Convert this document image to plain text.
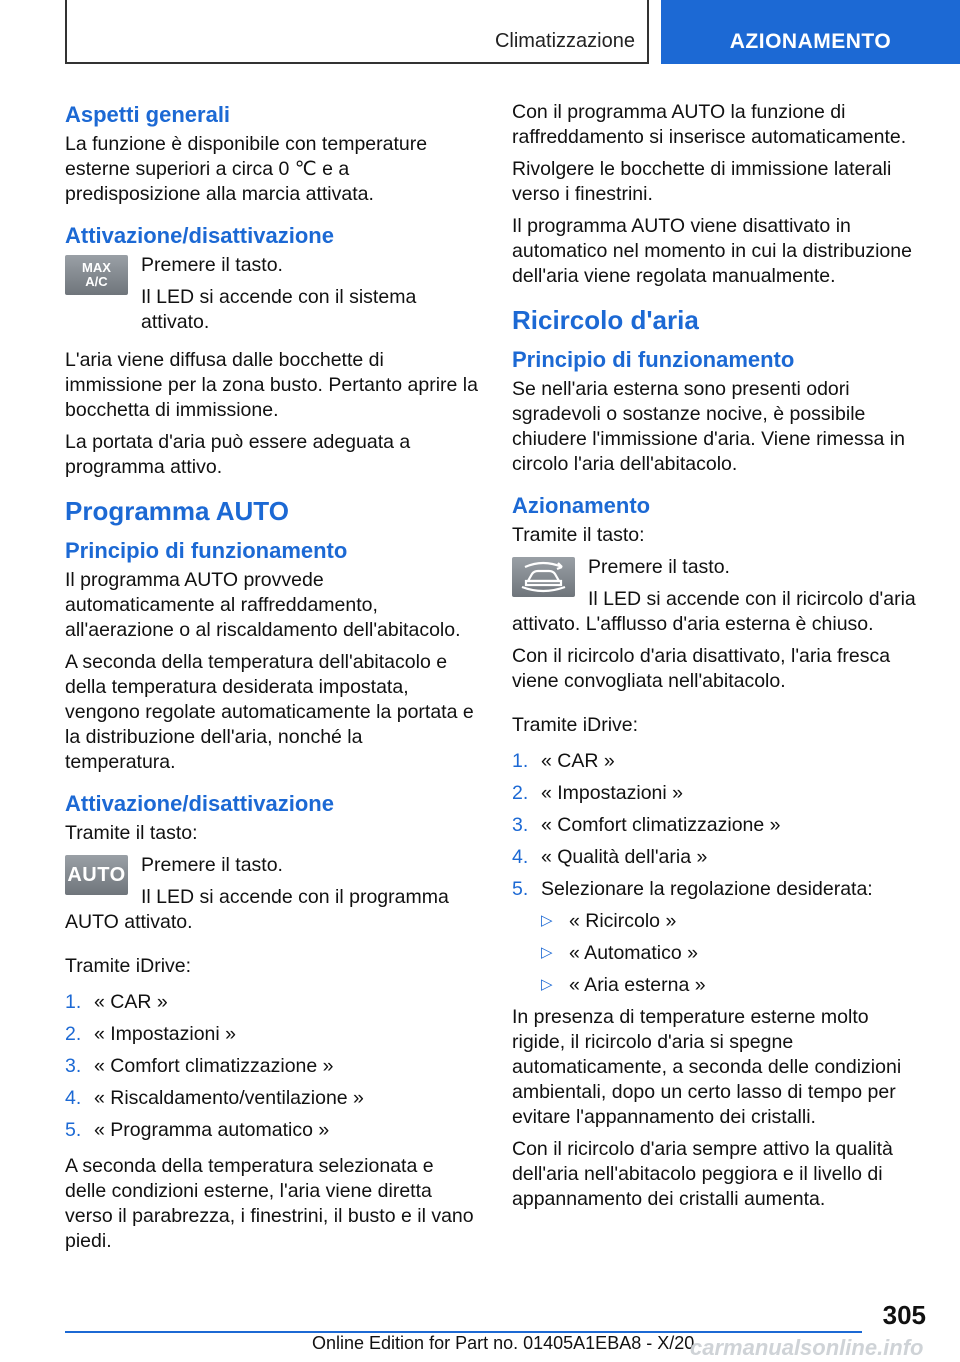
Climatizzazione	AZIONAMENTO
Aspetti generali

La funzione è disponibile con temperature esterne superiori a circa 0 ℃ e a predisposizione alla marcia attivata.

Attivazione/disattivazione
MAX
A/C

Premere il tasto.

Il LED si accende con il sistema attivato.

L'aria viene diffusa dalle bocchette di immissione per la zona busto. Pertanto aprire la bocchetta di immissione.

La portata d'aria può essere adeguata a programma attivo.

Programma AUTO
Principio di funzionamento

Il programma AUTO provvede automaticamente al raffreddamento, all'aerazione o al riscaldamento dell'abitacolo.

A seconda della temperatura dell'abitacolo e della temperatura desiderata impostata, vengono regolate automaticamente la portata e la distribuzione dell'aria, nonché la temperatura.

Attivazione/disattivazione

Tramite il tasto:

AUTO Premere il tasto.

Il LED si accende con il programma AUTO attivato.

Tramite iDrive:

1. « CAR »
2. « Impostazioni »
3. « Comfort climatizzazione »
4. « Riscaldamento/ventilazione »
5. « Programma automatico »

A seconda della temperatura selezionata e delle condizioni esterne, l'aria viene diretta verso il parabrezza, i finestrini, il busto e il vano piedi.

Con il programma AUTO la funzione di raffreddamento si inserisce automaticamente.

Rivolgere le bocchette di immissione laterali verso i finestrini.

Il programma AUTO viene disattivato in automatico nel momento in cui la distribuzione dell'aria viene regolata manualmente.

Ricircolo d'aria
Principio di funzionamento

Se nell'aria esterna sono presenti odori sgradevoli o sostanze nocive, è possibile chiudere l'immissione d'aria. Viene rimessa in circolo l'aria dell'abitacolo.

Azionamento

Tramite il tasto:

Premere il tasto.

Il LED si accende con il ricircolo d'aria attivato. L'afflusso d'aria esterna è chiuso.

Con il ricircolo d'aria disattivato, l'aria fresca viene convogliata nell'abitacolo.

Tramite iDrive:

1. « CAR »
2. « Impostazioni »
3. « Comfort climatizzazione »
4. « Qualità dell'aria »
5. Selezionare la regolazione desiderata:
▷ « Ricircolo »
▷ « Automatico »
▷ « Aria esterna »

In presenza di temperature esterne molto rigide, il ricircolo d'aria si spegne automaticamente, a seconda delle condizioni ambientali, dopo un certo lasso di tempo per evitare l'appannamento dei cristalli.

Con il ricircolo d'aria sempre attivo la qualità dell'aria nell'abitacolo peggiora e il livello di appannamento dei cristalli aumenta.

305
Online Edition for Part no. 01405A1EBA8 - X/20
carmanualsonline.info
